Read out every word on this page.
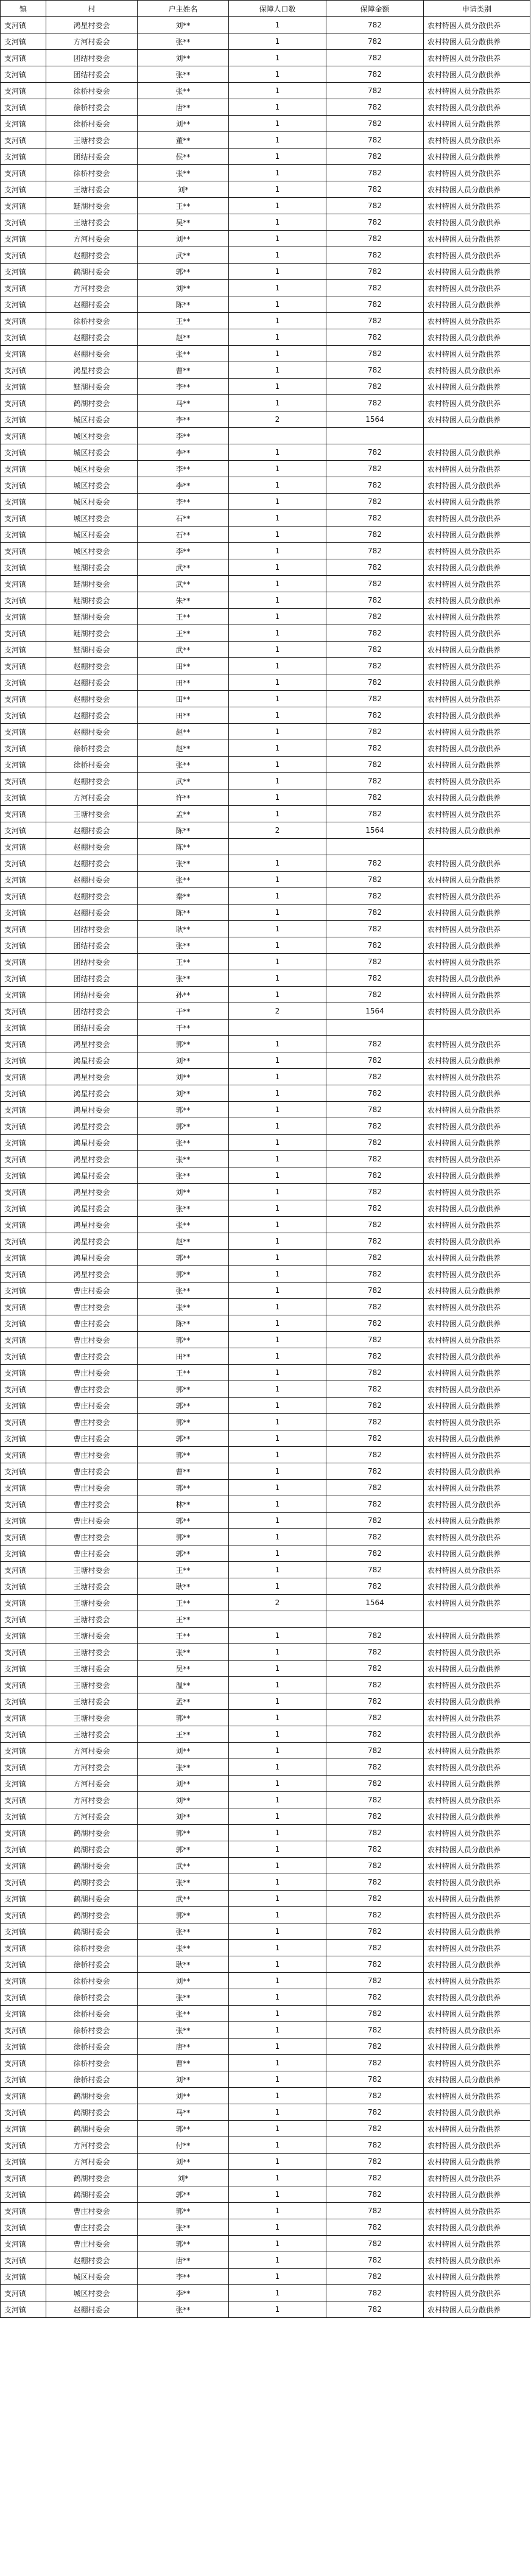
镇	村	户主姓名	保障人口数	保障金额	申请类别
支河镇	鸿星村委会	刘**	1	782	农村特困人员分散供养
支河镇	方河村委会	张**	1	782	农村特困人员分散供养
支河镇	团结村委会	刘**	1	782	农村特困人员分散供养
支河镇	团结村委会	张**	1	782	农村特困人员分散供养
支河镇	徐桥村委会	张**	1	782	农村特困人员分散供养
支河镇	徐桥村委会	唐**	1	782	农村特困人员分散供养
支河镇	徐桥村委会	刘**	1	782	农村特困人员分散供养
支河镇	王塘村委会	董**	1	782	农村特困人员分散供养
支河镇	团结村委会	侯**	1	782	农村特困人员分散供养
支河镇	徐桥村委会	张**	1	782	农村特困人员分散供养
支河镇	王塘村委会	刘*	1	782	农村特困人员分散供养
支河镇	鲢湖村委会	王**	1	782	农村特困人员分散供养
支河镇	王塘村委会	吴**	1	782	农村特困人员分散供养
支河镇	方河村委会	刘**	1	782	农村特困人员分散供养
支河镇	赵棚村委会	武**	1	782	农村特困人员分散供养
支河镇	鹤湖村委会	郭**	1	782	农村特困人员分散供养
支河镇	方河村委会	刘**	1	782	农村特困人员分散供养
支河镇	赵棚村委会	陈**	1	782	农村特困人员分散供养
支河镇	徐桥村委会	王**	1	782	农村特困人员分散供养
支河镇	赵棚村委会	赵**	1	782	农村特困人员分散供养
支河镇	赵棚村委会	张**	1	782	农村特困人员分散供养
支河镇	鸿星村委会	曹**	1	782	农村特困人员分散供养
支河镇	鲢湖村委会	李**	1	782	农村特困人员分散供养
支河镇	鹤湖村委会	马**	1	782	农村特困人员分散供养
支河镇	城区村委会	李**	2	1564	农村特困人员分散供养
支河镇	城区村委会	李**			
支河镇	城区村委会	李**	1	782	农村特困人员分散供养
支河镇	城区村委会	李**	1	782	农村特困人员分散供养
支河镇	城区村委会	李**	1	782	农村特困人员分散供养
支河镇	城区村委会	李**	1	782	农村特困人员分散供养
支河镇	城区村委会	石**	1	782	农村特困人员分散供养
支河镇	城区村委会	石**	1	782	农村特困人员分散供养
支河镇	城区村委会	李**	1	782	农村特困人员分散供养
支河镇	鲢湖村委会	武**	1	782	农村特困人员分散供养
支河镇	鲢湖村委会	武**	1	782	农村特困人员分散供养
支河镇	鲢湖村委会	朱**	1	782	农村特困人员分散供养
支河镇	鲢湖村委会	王**	1	782	农村特困人员分散供养
支河镇	鲢湖村委会	王**	1	782	农村特困人员分散供养
支河镇	鲢湖村委会	武**	1	782	农村特困人员分散供养
支河镇	赵棚村委会	田**	1	782	农村特困人员分散供养
支河镇	赵棚村委会	田**	1	782	农村特困人员分散供养
支河镇	赵棚村委会	田**	1	782	农村特困人员分散供养
支河镇	赵棚村委会	田**	1	782	农村特困人员分散供养
支河镇	赵棚村委会	赵**	1	782	农村特困人员分散供养
支河镇	徐桥村委会	赵**	1	782	农村特困人员分散供养
支河镇	徐桥村委会	张**	1	782	农村特困人员分散供养
支河镇	赵棚村委会	武**	1	782	农村特困人员分散供养
支河镇	方河村委会	许**	1	782	农村特困人员分散供养
支河镇	王塘村委会	孟**	1	782	农村特困人员分散供养
支河镇	赵棚村委会	陈**	2	1564	农村特困人员分散供养
支河镇	赵棚村委会	陈**			
支河镇	赵棚村委会	张**	1	782	农村特困人员分散供养
支河镇	赵棚村委会	张**	1	782	农村特困人员分散供养
支河镇	赵棚村委会	秦**	1	782	农村特困人员分散供养
支河镇	赵棚村委会	陈**	1	782	农村特困人员分散供养
支河镇	团结村委会	耿**	1	782	农村特困人员分散供养
支河镇	团结村委会	张**	1	782	农村特困人员分散供养
支河镇	团结村委会	王**	1	782	农村特困人员分散供养
支河镇	团结村委会	张**	1	782	农村特困人员分散供养
支河镇	团结村委会	孙**	1	782	农村特困人员分散供养
支河镇	团结村委会	干**	2	1564	农村特困人员分散供养
支河镇	团结村委会	干**			
支河镇	鸿星村委会	郭**	1	782	农村特困人员分散供养
支河镇	鸿星村委会	刘**	1	782	农村特困人员分散供养
支河镇	鸿星村委会	刘**	1	782	农村特困人员分散供养
支河镇	鸿星村委会	刘**	1	782	农村特困人员分散供养
支河镇	鸿星村委会	郭**	1	782	农村特困人员分散供养
支河镇	鸿星村委会	郭**	1	782	农村特困人员分散供养
支河镇	鸿星村委会	张**	1	782	农村特困人员分散供养
支河镇	鸿星村委会	张**	1	782	农村特困人员分散供养
支河镇	鸿星村委会	张**	1	782	农村特困人员分散供养
支河镇	鸿星村委会	刘**	1	782	农村特困人员分散供养
支河镇	鸿星村委会	张**	1	782	农村特困人员分散供养
支河镇	鸿星村委会	张**	1	782	农村特困人员分散供养
支河镇	鸿星村委会	赵**	1	782	农村特困人员分散供养
支河镇	鸿星村委会	郭**	1	782	农村特困人员分散供养
支河镇	鸿星村委会	郭**	1	782	农村特困人员分散供养
支河镇	曹庄村委会	张**	1	782	农村特困人员分散供养
支河镇	曹庄村委会	张**	1	782	农村特困人员分散供养
支河镇	曹庄村委会	陈**	1	782	农村特困人员分散供养
支河镇	曹庄村委会	郭**	1	782	农村特困人员分散供养
支河镇	曹庄村委会	田**	1	782	农村特困人员分散供养
支河镇	曹庄村委会	王**	1	782	农村特困人员分散供养
支河镇	曹庄村委会	郭**	1	782	农村特困人员分散供养
支河镇	曹庄村委会	郭**	1	782	农村特困人员分散供养
支河镇	曹庄村委会	郭**	1	782	农村特困人员分散供养
支河镇	曹庄村委会	郭**	1	782	农村特困人员分散供养
支河镇	曹庄村委会	郭**	1	782	农村特困人员分散供养
支河镇	曹庄村委会	曹**	1	782	农村特困人员分散供养
支河镇	曹庄村委会	郭**	1	782	农村特困人员分散供养
支河镇	曹庄村委会	林**	1	782	农村特困人员分散供养
支河镇	曹庄村委会	郭**	1	782	农村特困人员分散供养
支河镇	曹庄村委会	郭**	1	782	农村特困人员分散供养
支河镇	曹庄村委会	郭**	1	782	农村特困人员分散供养
支河镇	王塘村委会	王**	1	782	农村特困人员分散供养
支河镇	王塘村委会	耿**	1	782	农村特困人员分散供养
支河镇	王塘村委会	王**	2	1564	农村特困人员分散供养
支河镇	王塘村委会	王**			
支河镇	王塘村委会	王**	1	782	农村特困人员分散供养
支河镇	王塘村委会	张**	1	782	农村特困人员分散供养
支河镇	王塘村委会	吴**	1	782	农村特困人员分散供养
支河镇	王塘村委会	温**	1	782	农村特困人员分散供养
支河镇	王塘村委会	孟**	1	782	农村特困人员分散供养
支河镇	王塘村委会	郭**	1	782	农村特困人员分散供养
支河镇	王塘村委会	王**	1	782	农村特困人员分散供养
支河镇	方河村委会	刘**	1	782	农村特困人员分散供养
支河镇	方河村委会	张**	1	782	农村特困人员分散供养
支河镇	方河村委会	刘**	1	782	农村特困人员分散供养
支河镇	方河村委会	刘**	1	782	农村特困人员分散供养
支河镇	方河村委会	刘**	1	782	农村特困人员分散供养
支河镇	鹤湖村委会	郭**	1	782	农村特困人员分散供养
支河镇	鹤湖村委会	郭**	1	782	农村特困人员分散供养
支河镇	鹤湖村委会	武**	1	782	农村特困人员分散供养
支河镇	鹤湖村委会	张**	1	782	农村特困人员分散供养
支河镇	鹤湖村委会	武**	1	782	农村特困人员分散供养
支河镇	鹤湖村委会	郭**	1	782	农村特困人员分散供养
支河镇	鹤湖村委会	张**	1	782	农村特困人员分散供养
支河镇	徐桥村委会	张**	1	782	农村特困人员分散供养
支河镇	徐桥村委会	耿**	1	782	农村特困人员分散供养
支河镇	徐桥村委会	刘**	1	782	农村特困人员分散供养
支河镇	徐桥村委会	张**	1	782	农村特困人员分散供养
支河镇	徐桥村委会	张**	1	782	农村特困人员分散供养
支河镇	徐桥村委会	张**	1	782	农村特困人员分散供养
支河镇	徐桥村委会	唐**	1	782	农村特困人员分散供养
支河镇	徐桥村委会	曹**	1	782	农村特困人员分散供养
支河镇	徐桥村委会	刘**	1	782	农村特困人员分散供养
支河镇	鹤湖村委会	刘**	1	782	农村特困人员分散供养
支河镇	鹤湖村委会	马**	1	782	农村特困人员分散供养
支河镇	鹤湖村委会	郭**	1	782	农村特困人员分散供养
支河镇	方河村委会	付**	1	782	农村特困人员分散供养
支河镇	方河村委会	刘**	1	782	农村特困人员分散供养
支河镇	鹤湖村委会	刘*	1	782	农村特困人员分散供养
支河镇	鹤湖村委会	郭**	1	782	农村特困人员分散供养
支河镇	曹庄村委会	郭**	1	782	农村特困人员分散供养
支河镇	曹庄村委会	张**	1	782	农村特困人员分散供养
支河镇	曹庄村委会	郭**	1	782	农村特困人员分散供养
支河镇	赵棚村委会	唐**	1	782	农村特困人员分散供养
支河镇	城区村委会	李**	1	782	农村特困人员分散供养
支河镇	城区村委会	李**	1	782	农村特困人员分散供养
支河镇	赵棚村委会	张**	1	782	农村特困人员分散供养
